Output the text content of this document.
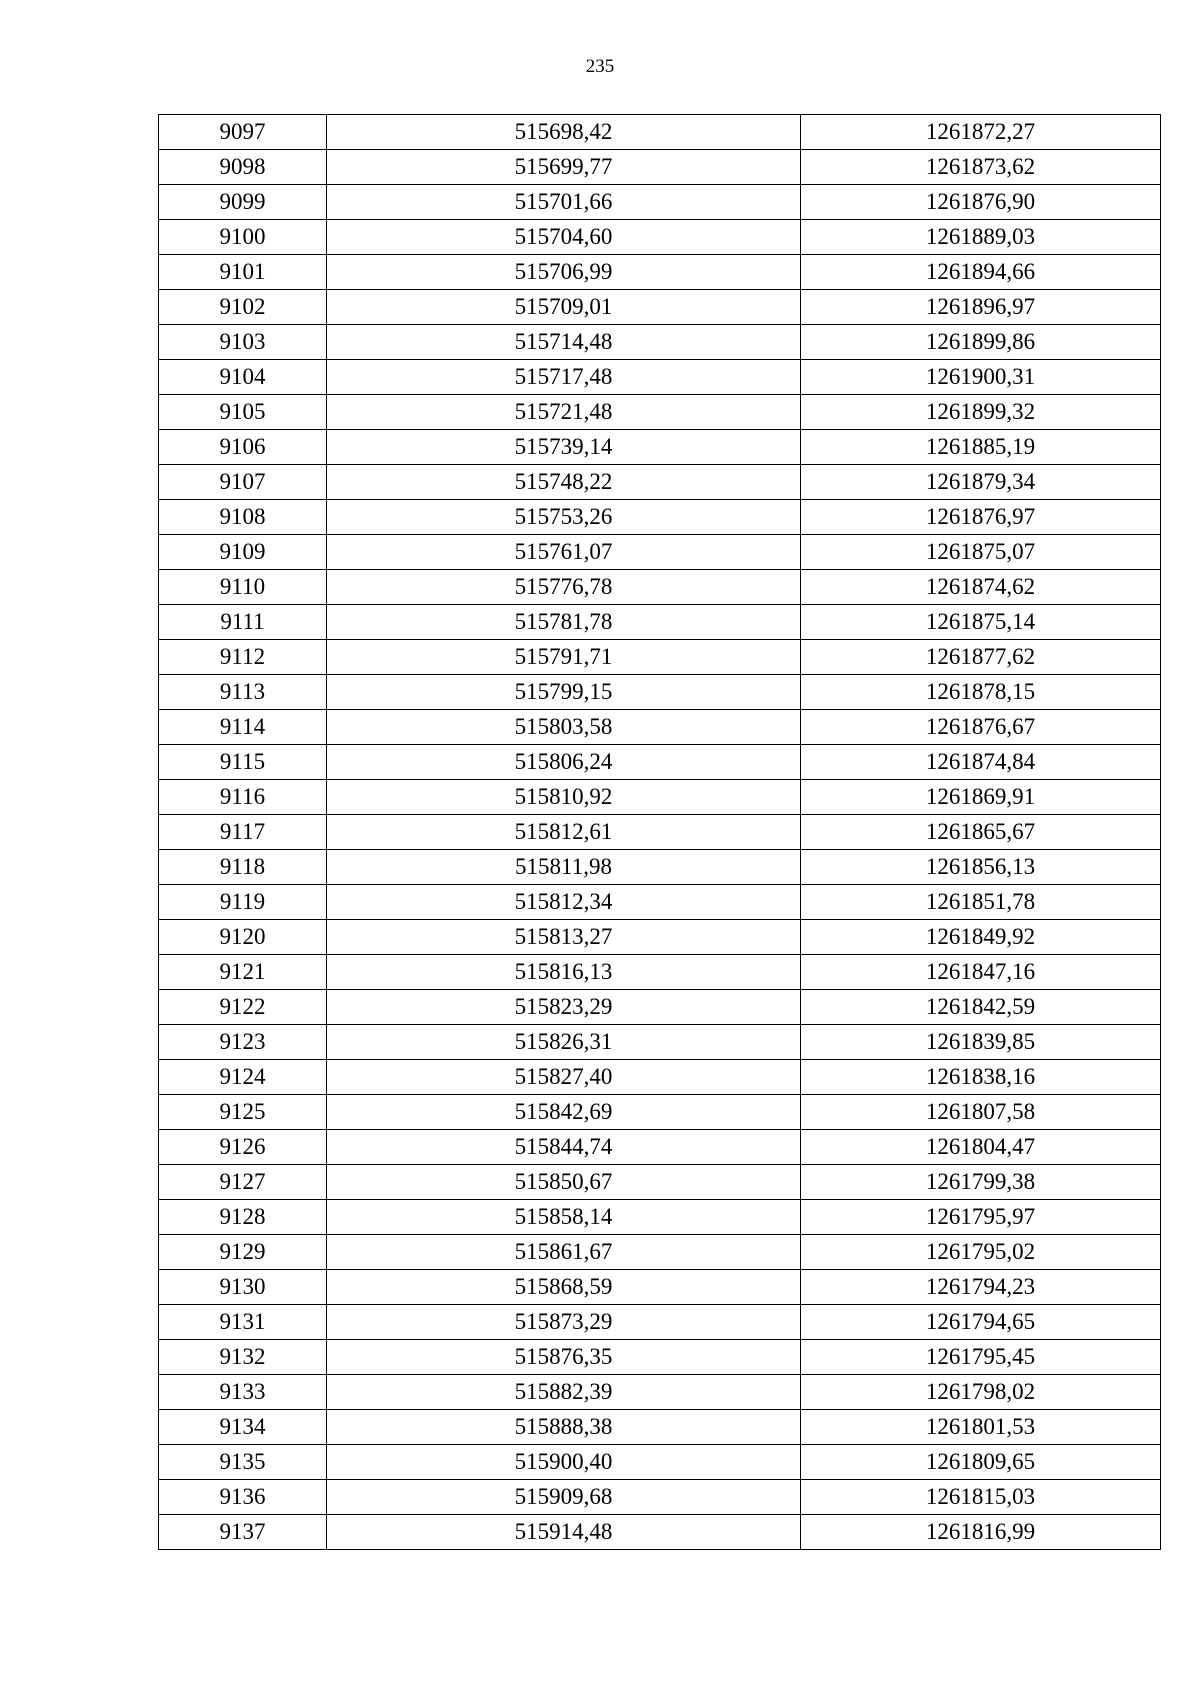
235
9097	515698,42	1261872,27
9098	515699,77	1261873,62
9099	515701,66	1261876,90
9100	515704,60	1261889,03
9101	515706,99	1261894,66
9102	515709,01	1261896,97
9103	515714,48	1261899,86
9104	515717,48	1261900,31
9105	515721,48	1261899,32
9106	515739,14	1261885,19
9107	515748,22	1261879,34
9108	515753,26	1261876,97
9109	515761,07	1261875,07
9110	515776,78	1261874,62
9111	515781,78	1261875,14
9112	515791,71	1261877,62
9113	515799,15	1261878,15
9114	515803,58	1261876,67
9115	515806,24	1261874,84
9116	515810,92	1261869,91
9117	515812,61	1261865,67
9118	515811,98	1261856,13
9119	515812,34	1261851,78
9120	515813,27	1261849,92
9121	515816,13	1261847,16
9122	515823,29	1261842,59
9123	515826,31	1261839,85
9124	515827,40	1261838,16
9125	515842,69	1261807,58
9126	515844,74	1261804,47
9127	515850,67	1261799,38
9128	515858,14	1261795,97
9129	515861,67	1261795,02
9130	515868,59	1261794,23
9131	515873,29	1261794,65
9132	515876,35	1261795,45
9133	515882,39	1261798,02
9134	515888,38	1261801,53
9135	515900,40	1261809,65
9136	515909,68	1261815,03
9137	515914,48	1261816,99
